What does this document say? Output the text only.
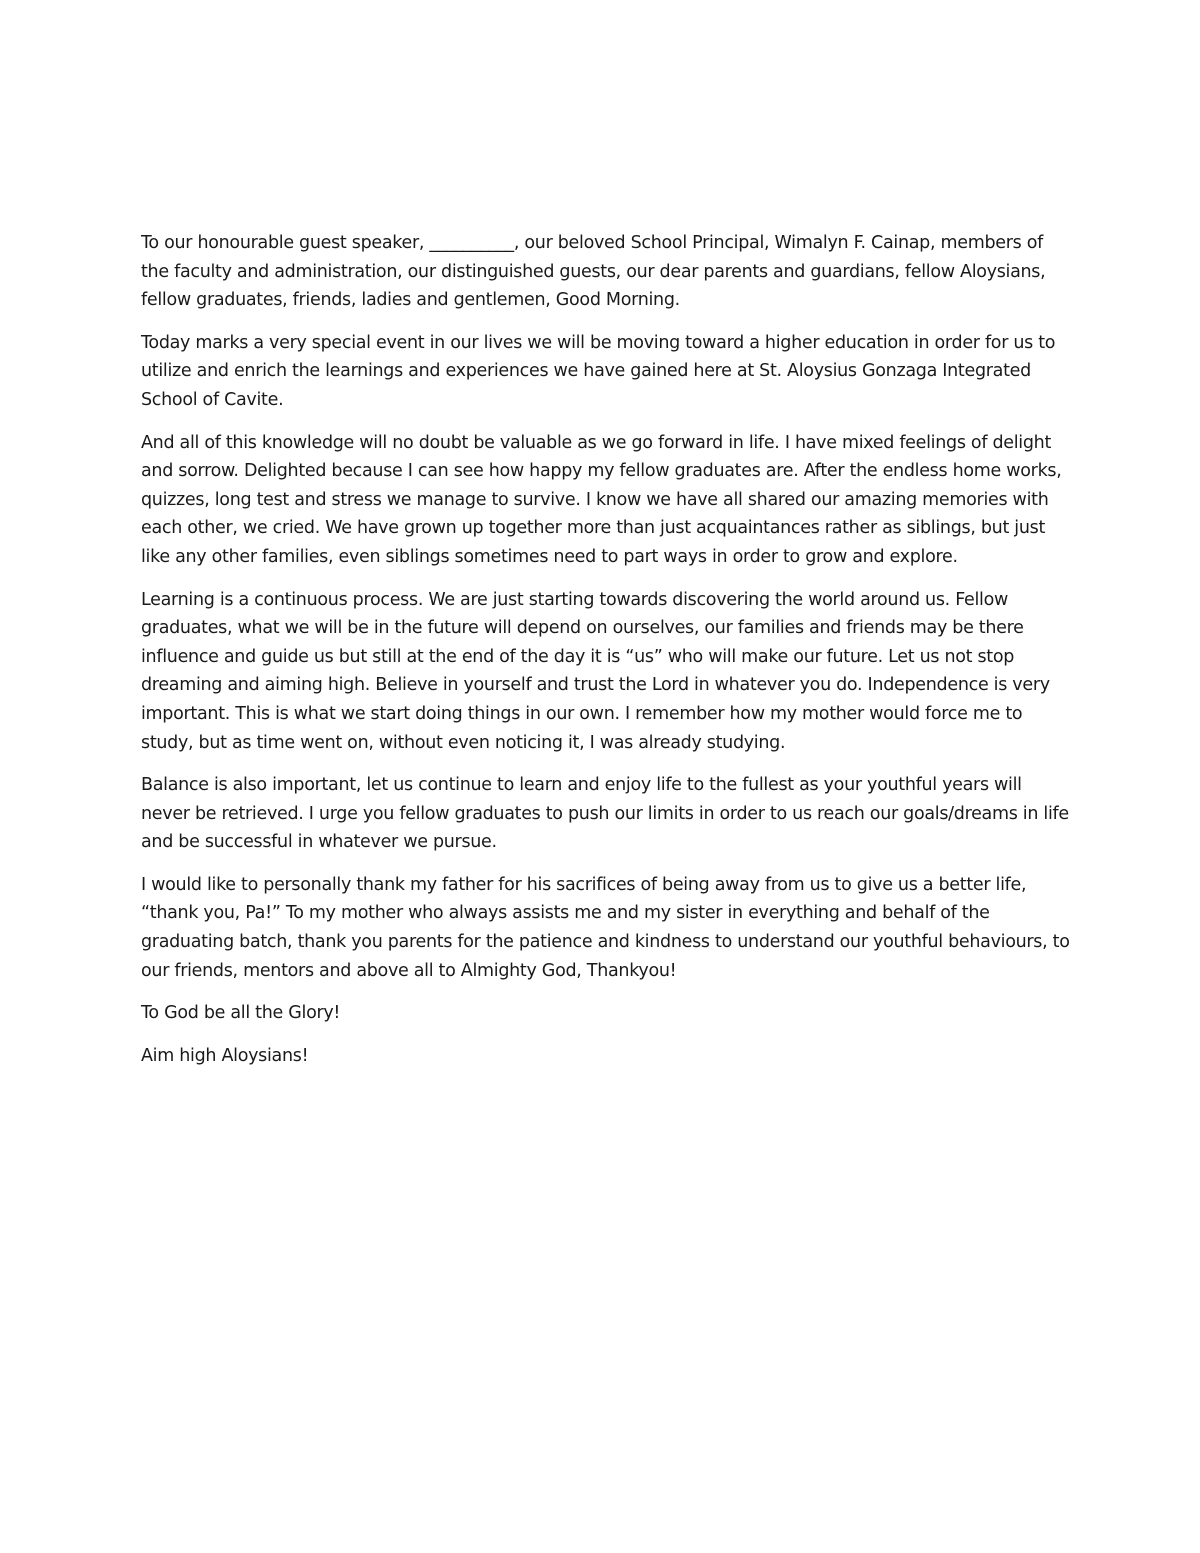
To our honourable guest speaker, __________, our beloved School Principal, Wimalyn F. Cainap, members of the faculty and administration, our distinguished guests, our dear parents and guardians, fellow Aloysians, fellow graduates, friends, ladies and gentlemen, Good Morning.

Today marks a very special event in our lives we will be moving toward a higher education in order for us to utilize and enrich the learnings and experiences we have gained here at St. Aloysius Gonzaga Integrated School of Cavite.

And all of this knowledge will no doubt be valuable as we go forward in life. I have mixed feelings of delight and sorrow. Delighted because I can see how happy my fellow graduates are. After the endless home works, quizzes, long test and stress we manage to survive. I know we have all shared our amazing memories with each other, we cried. We have grown up together more than just acquaintances rather as siblings, but just like any other families, even siblings sometimes need to part ways in order to grow and explore.

Learning is a continuous process. We are just starting towards discovering the world around us. Fellow graduates, what we will be in the future will depend on ourselves, our families and friends may be there influence and guide us but still at the end of the day it is “us” who will make our future. Let us not stop dreaming and aiming high. Believe in yourself and trust the Lord in whatever you do. Independence is very important. This is what we start doing things in our own. I remember how my mother would force me to study, but as time went on, without even noticing it, I was already studying.

Balance is also important, let us continue to learn and enjoy life to the fullest as your youthful years will never be retrieved. I urge you fellow graduates to push our limits in order to us reach our goals/dreams in life and be successful in whatever we pursue.

I would like to personally thank my father for his sacrifices of being away from us to give us a better life, “thank you, Pa!” To my mother who always assists me and my sister in everything and behalf of the graduating batch, thank you parents for the patience and kindness to understand our youthful behaviours, to our friends, mentors and above all to Almighty God, Thankyou!

To God be all the Glory!

Aim high Aloysians!
